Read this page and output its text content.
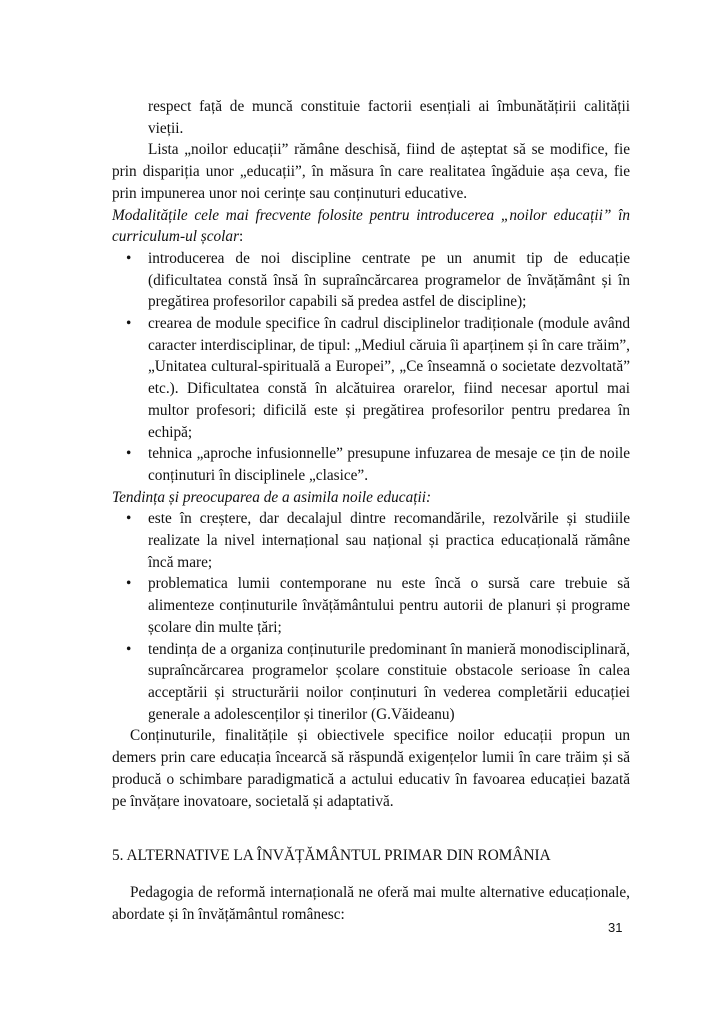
respect față de muncă constituie factorii esențiali ai îmbunătățirii calității vieții.

Lista „noilor educații” rămâne deschisă, fiind de așteptat să se modifice, fie prin dispariția unor „educații”, în măsura în care realitatea îngăduie așa ceva, fie prin impunerea unor noi cerințe sau conținuturi educative.

Modalitățile cele mai frecvente folosite pentru introducerea „noilor educații” în curriculum-ul școlar:

• introducerea de noi discipline centrate pe un anumit tip de educație (dificultatea constă însă în supraîncărcarea programelor de învățământ și în pregătirea profesorilor capabili să predea astfel de discipline);
• crearea de module specifice în cadrul disciplinelor tradiționale (module având caracter interdisciplinar, de tipul: „Mediul căruia îi aparținem și în care trăim”, „Unitatea cultural-spirituală a Europei”, „Ce înseamnă o societate dezvoltată” etc.). Dificultatea constă în alcătuirea orarelor, fiind necesar aportul mai multor profesori; dificilă este și pregătirea profesorilor pentru predarea în echipă;
• tehnica „aproche infusionnelle” presupune infuzarea de mesaje ce țin de noile conținuturi în disciplinele „clasice”.

Tendința și preocuparea de a asimila noile educații:

• este în creștere, dar decalajul dintre recomandările, rezolvările și studiile realizate la nivel internațional sau național și practica educațională rămâne încă mare;
• problematica lumii contemporane nu este încă o sursă care trebuie să alimenteze conținuturile învățământului pentru autorii de planuri și programe școlare din multe țări;
• tendința de a organiza conținuturile predominant în manieră monodisciplinară, supraîncărcarea programelor școlare constituie obstacole serioase în calea acceptării și structurării noilor conținuturi în vederea completării educației generale a adolescenților și tinerilor (G.Văideanu)

Conținuturile, finalitățile și obiectivele specifice noilor educații propun un demers prin care educația încearcă să răspundă exigențelor lumii în care trăim și să producă o schimbare paradigmatică a actului educativ în favoarea educației bazată pe învățare inovatoare, societală și adaptativă.

5. ALTERNATIVE LA ÎNVĂȚĂMÂNTUL PRIMAR DIN ROMÂNIA

Pedagogia de reformă internațională ne oferă mai multe alternative educaționale, abordate și în învățământul românesc:

31
